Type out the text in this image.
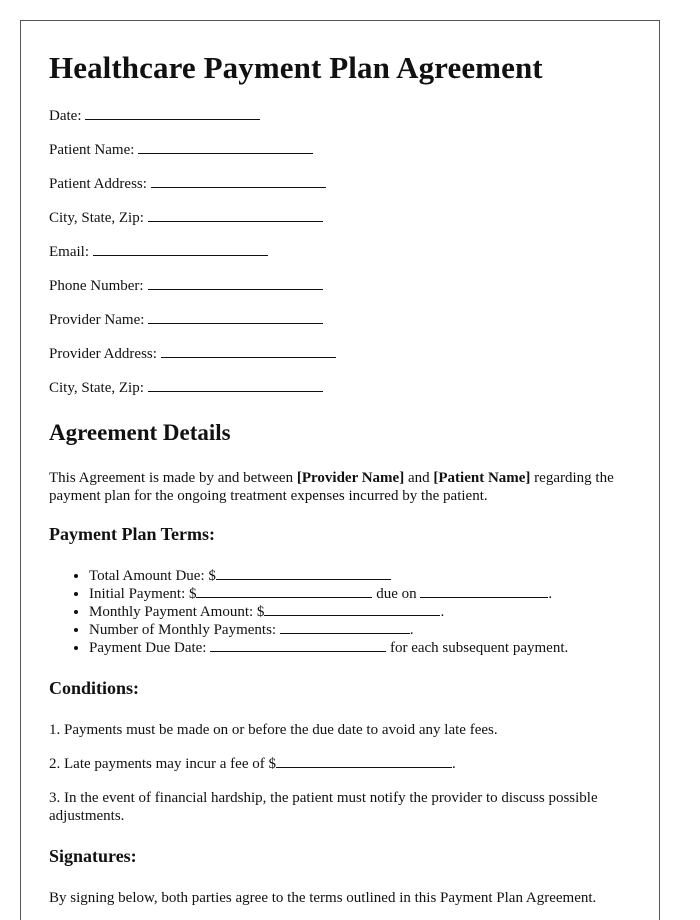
Healthcare Payment Plan Agreement
Date:
Patient Name:
Patient Address:
City, State, Zip:
Email:
Phone Number:
Provider Name:
Provider Address:
City, State, Zip:
Agreement Details

This Agreement is made by and between [Provider Name] and [Patient Name] regarding the payment plan for the ongoing treatment expenses incurred by the patient.

Payment Plan Terms:
• Total Amount Due: $
• Initial Payment: $	due on	.
• Monthly Payment Amount: $	.
• Number of Monthly Payments:	.
• Payment Due Date:	for each subsequent payment.
Conditions:

1. Payments must be made on or before the due date to avoid any late fees.

2. Late payments may incur a fee of $	.

3. In the event of financial hardship, the patient must notify the provider to discuss possible adjustments.

Signatures:

By signing below, both parties agree to the terms outlined in this Payment Plan Agreement.
